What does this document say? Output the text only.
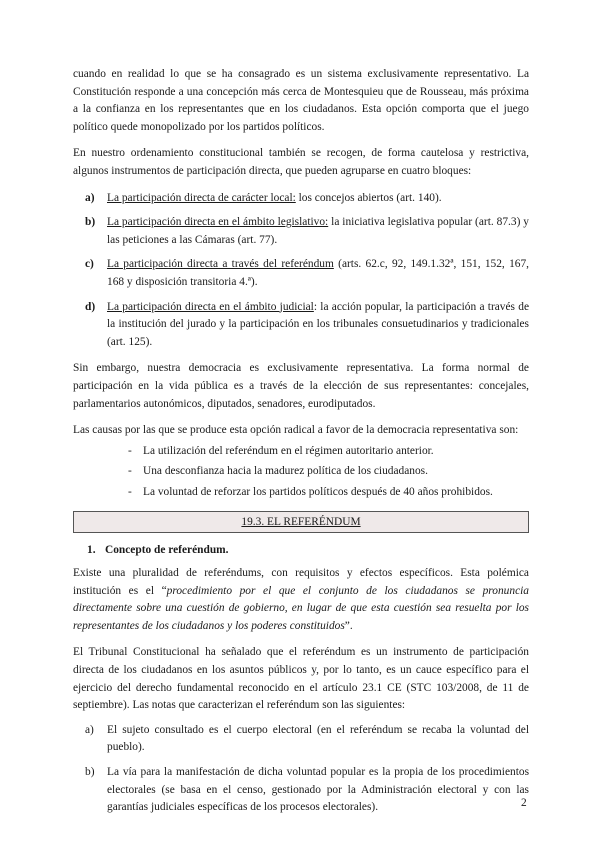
cuando en realidad lo que se ha consagrado es un sistema exclusivamente representativo. La Constitución responde a una concepción más cerca de Montesquieu que de Rousseau, más próxima a la confianza en los representantes que en los ciudadanos. Esta opción comporta que el juego político quede monopolizado por los partidos políticos.

En nuestro ordenamiento constitucional también se recogen, de forma cautelosa y restrictiva, algunos instrumentos de participación directa, que pueden agruparse en cuatro bloques:

a) La participación directa de carácter local: los concejos abiertos (art. 140).
b) La participación directa en el ámbito legislativo: la iniciativa legislativa popular (art. 87.3) y las peticiones a las Cámaras (art. 77).
c) La participación directa a través del referéndum (arts. 62.c, 92, 149.1.32ª, 151, 152, 167, 168 y disposición transitoria 4.ª).
d) La participación directa en el ámbito judicial: la acción popular, la participación a través de la institución del jurado y la participación en los tribunales consuetudinarios y tradicionales (art. 125).

Sin embargo, nuestra democracia es exclusivamente representativa. La forma normal de participación en la vida pública es a través de la elección de sus representantes: concejales, parlamentarios autonómicos, diputados, senadores, eurodiputados.

Las causas por las que se produce esta opción radical a favor de la democracia representativa son:

- La utilización del referéndum en el régimen autoritario anterior.
- Una desconfianza hacia la madurez política de los ciudadanos.
- La voluntad de reforzar los partidos políticos después de 40 años prohibidos.
19.3. EL REFERÉNDUM
1. Concepto de referéndum.

Existe una pluralidad de referéndums, con requisitos y efectos específicos. Esta polémica institución es el “procedimiento por el que el conjunto de los ciudadanos se pronuncia directamente sobre una cuestión de gobierno, en lugar de que esta cuestión sea resuelta por los representantes de los ciudadanos y los poderes constituidos”.

El Tribunal Constitucional ha señalado que el referéndum es un instrumento de participación directa de los ciudadanos en los asuntos públicos y, por lo tanto, es un cauce específico para el ejercicio del derecho fundamental reconocido en el artículo 23.1 CE (STC 103/2008, de 11 de septiembre). Las notas que caracterizan el referéndum son las siguientes:

a) El sujeto consultado es el cuerpo electoral (en el referéndum se recaba la voluntad del pueblo).
b) La vía para la manifestación de dicha voluntad popular es la propia de los procedimientos electorales (se basa en el censo, gestionado por la Administración electoral y con las garantías judiciales específicas de los procesos electorales).	2
